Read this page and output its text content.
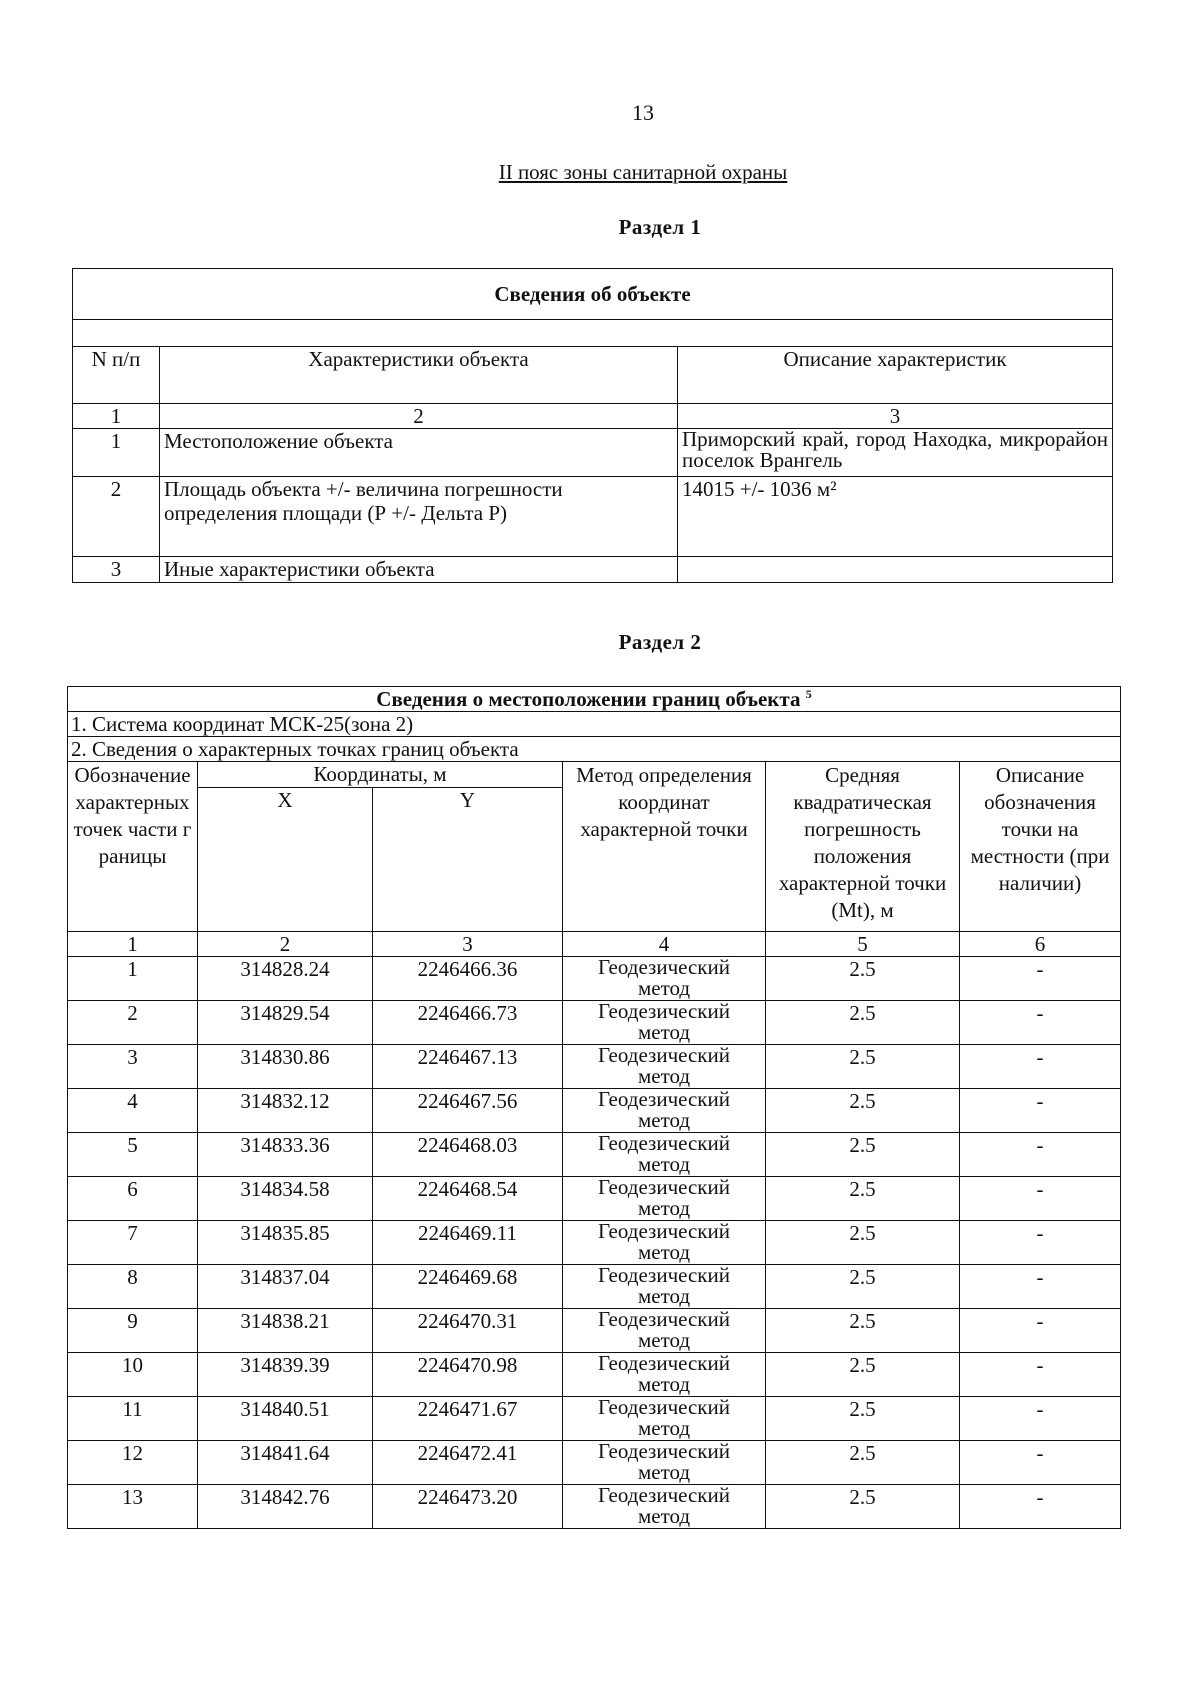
13
II пояс зоны санитарной охраны
Раздел 1
Сведения об объекте		

N п/п	Характеристики объекта	Описание характеристик
1	2	3
1	Местоположение объекта	Приморский край, город Находка, микрорайон поселок Врангель
2	Площадь объекта +/- величина погрешности определения площади (Р +/- Дельта Р)	14015 +/- 1036 м²
3	Иные характеристики объекта	
Раздел 2
Сведения о местоположении границ объекта $^5$
1. Система координат МСК-25(зона 2)					
2. Сведения о характерных точках границ объекта					
Обозначение характерных точек части границы	Координаты, м		Метод определения координат характерной точки	Средняя квадратическая погрешность положения характерной точки (Mt), м	Описание обозначения точки на местности (при наличии)
	X	Y			
1	2	3	4	5	6
1	314828.24	2246466.36	Геодезический метод	2.5	-
2	314829.54	2246466.73	Геодезический метод	2.5	-
3	314830.86	2246467.13	Геодезический метод	2.5	-
4	314832.12	2246467.56	Геодезический метод	2.5	-
5	314833.36	2246468.03	Геодезический метод	2.5	-
6	314834.58	2246468.54	Геодезический метод	2.5	-
7	314835.85	2246469.11	Геодезический метод	2.5	-
8	314837.04	2246469.68	Геодезический метод	2.5	-
9	314838.21	2246470.31	Геодезический метод	2.5	-
10	314839.39	2246470.98	Геодезический метод	2.5	-
11	314840.51	2246471.67	Геодезический метод	2.5	-
12	314841.64	2246472.41	Геодезический метод	2.5	-
13	314842.76	2246473.20	Геодезический метод	2.5	-
